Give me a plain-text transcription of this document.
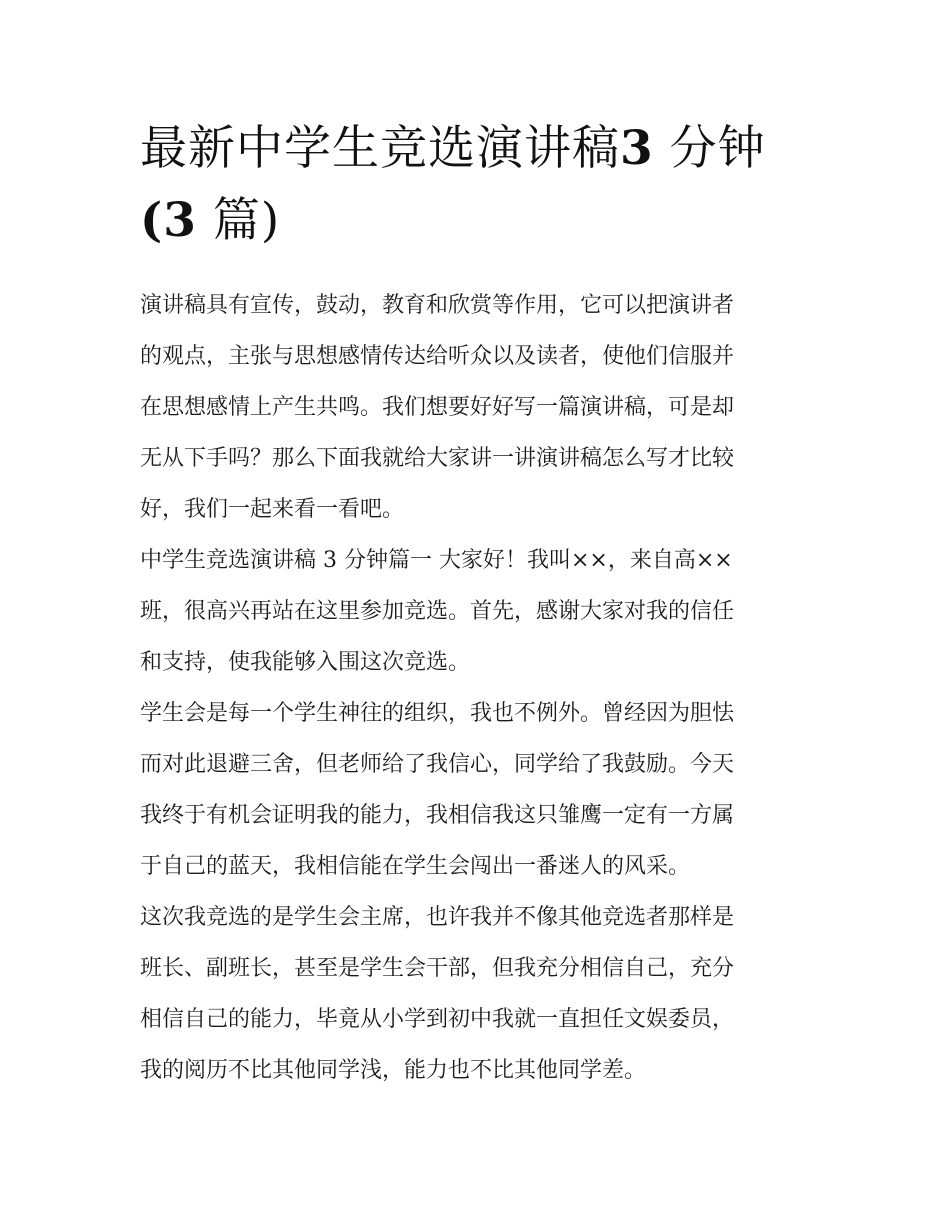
最新中学生竞选演讲稿3 分钟
(3 篇)

演讲稿具有宣传，鼓动，教育和欣赏等作用，它可以把演讲者
的观点，主张与思想感情传达给听众以及读者，使他们信服并
在思想感情上产生共鸣。我们想要好好写一篇演讲稿，可是却
无从下手吗？那么下面我就给大家讲一讲演讲稿怎么写才比较
好，我们一起来看一看吧。

中学生竞选演讲稿 3 分钟篇一 大家好！我叫××，来自高××
班，很高兴再站在这里参加竞选。首先，感谢大家对我的信任
和支持，使我能够入围这次竞选。

学生会是每一个学生神往的组织，我也不例外。曾经因为胆怯
而对此退避三舍，但老师给了我信心，同学给了我鼓励。今天
我终于有机会证明我的能力，我相信我这只雏鹰一定有一方属
于自己的蓝天，我相信能在学生会闯出一番迷人的风采。

这次我竞选的是学生会主席，也许我并不像其他竞选者那样是
班长、副班长，甚至是学生会干部，但我充分相信自己，充分
相信自己的能力，毕竟从小学到初中我就一直担任文娱委员，
我的阅历不比其他同学浅，能力也不比其他同学差。
